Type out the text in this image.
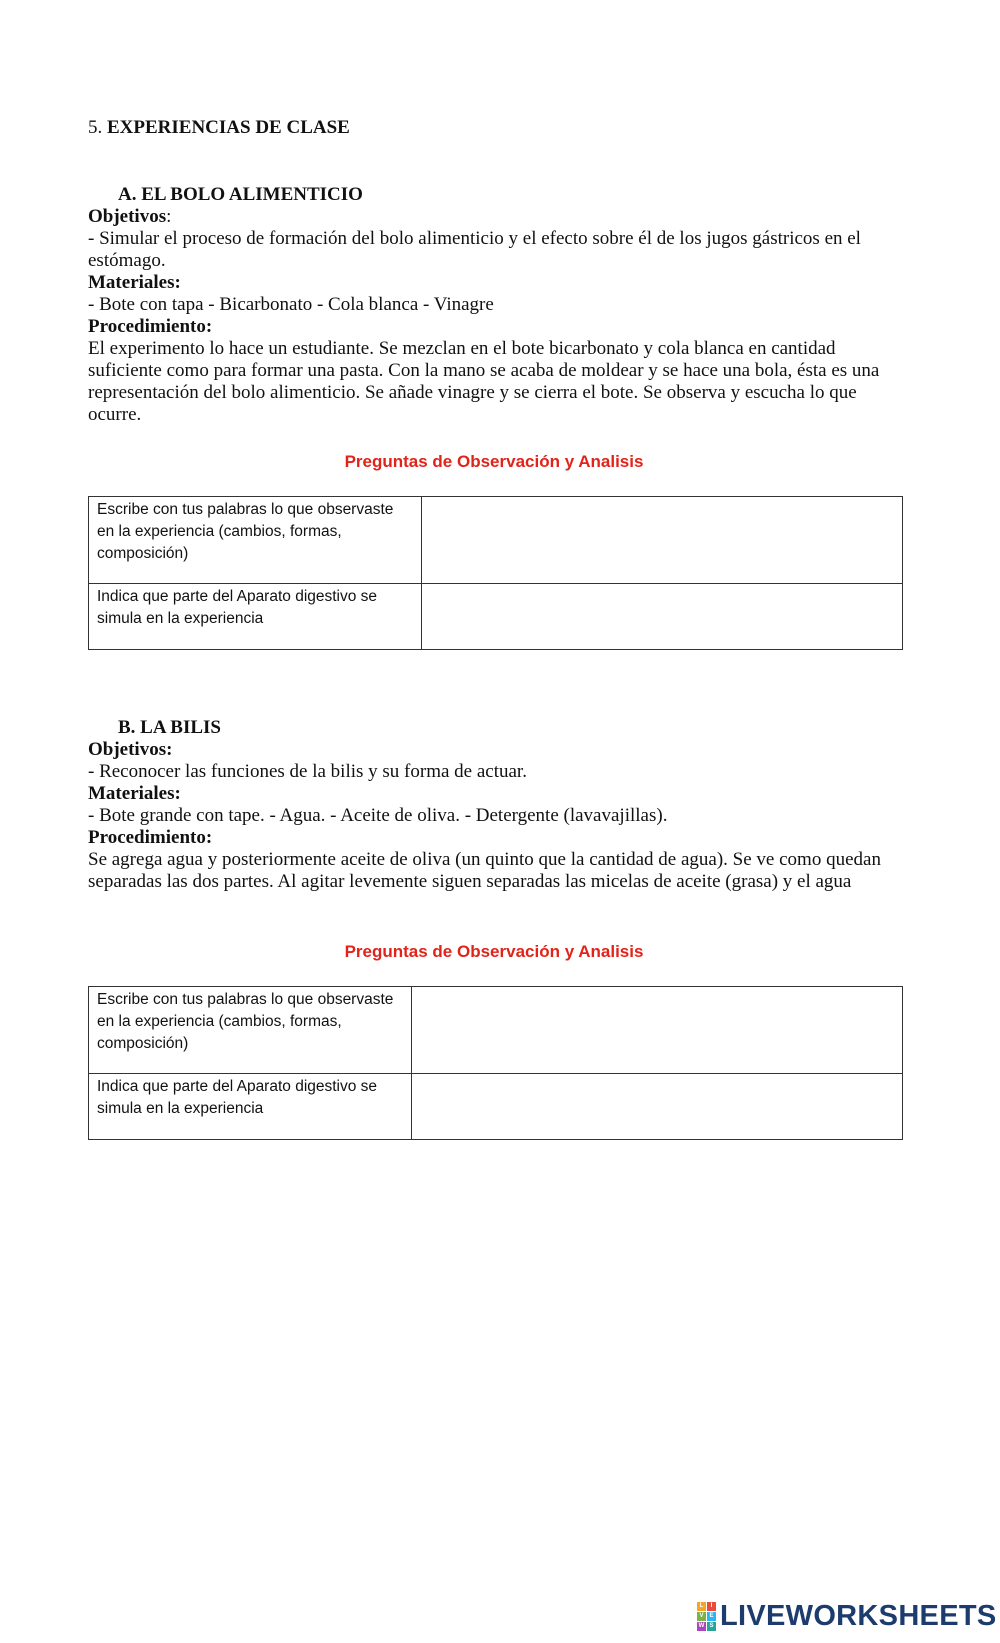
5. EXPERIENCIAS DE CLASE
A. EL BOLO ALIMENTICIO
Objetivos:
- Simular el proceso de formación del bolo alimenticio y el efecto sobre él de los jugos gástricos en el estómago.
Materiales:
- Bote con tapa - Bicarbonato - Cola blanca - Vinagre
Procedimiento:
El experimento lo hace un estudiante. Se mezclan en el bote bicarbonato y cola blanca en cantidad suficiente como para formar una pasta. Con la mano se acaba de moldear y se hace una bola, ésta es una representación del bolo alimenticio. Se añade vinagre y se cierra el bote. Se observa y escucha lo que ocurre.
Preguntas de Observación y Analisis
Escribe con tus palabras lo que observaste en la experiencia (cambios, formas, composición)	
Indica que parte del Aparato digestivo se simula en la experiencia	
B. LA BILIS
Objetivos:
- Reconocer las funciones de la bilis y su forma de actuar.
Materiales:
- Bote grande con tape. - Agua. - Aceite de oliva. - Detergente (lavavajillas).
Procedimiento:
Se agrega agua y posteriormente aceite de oliva (un quinto que la cantidad de agua). Se ve como quedan separadas las dos partes. Al agitar levemente siguen separadas las micelas de aceite (grasa) y el agua
Preguntas de Observación y Analisis
Escribe con tus palabras lo que observaste en la experiencia (cambios, formas, composición)	
Indica que parte del Aparato digestivo se simula en la experiencia	
L	I
V E
W S LIVEWORKSHEETS
